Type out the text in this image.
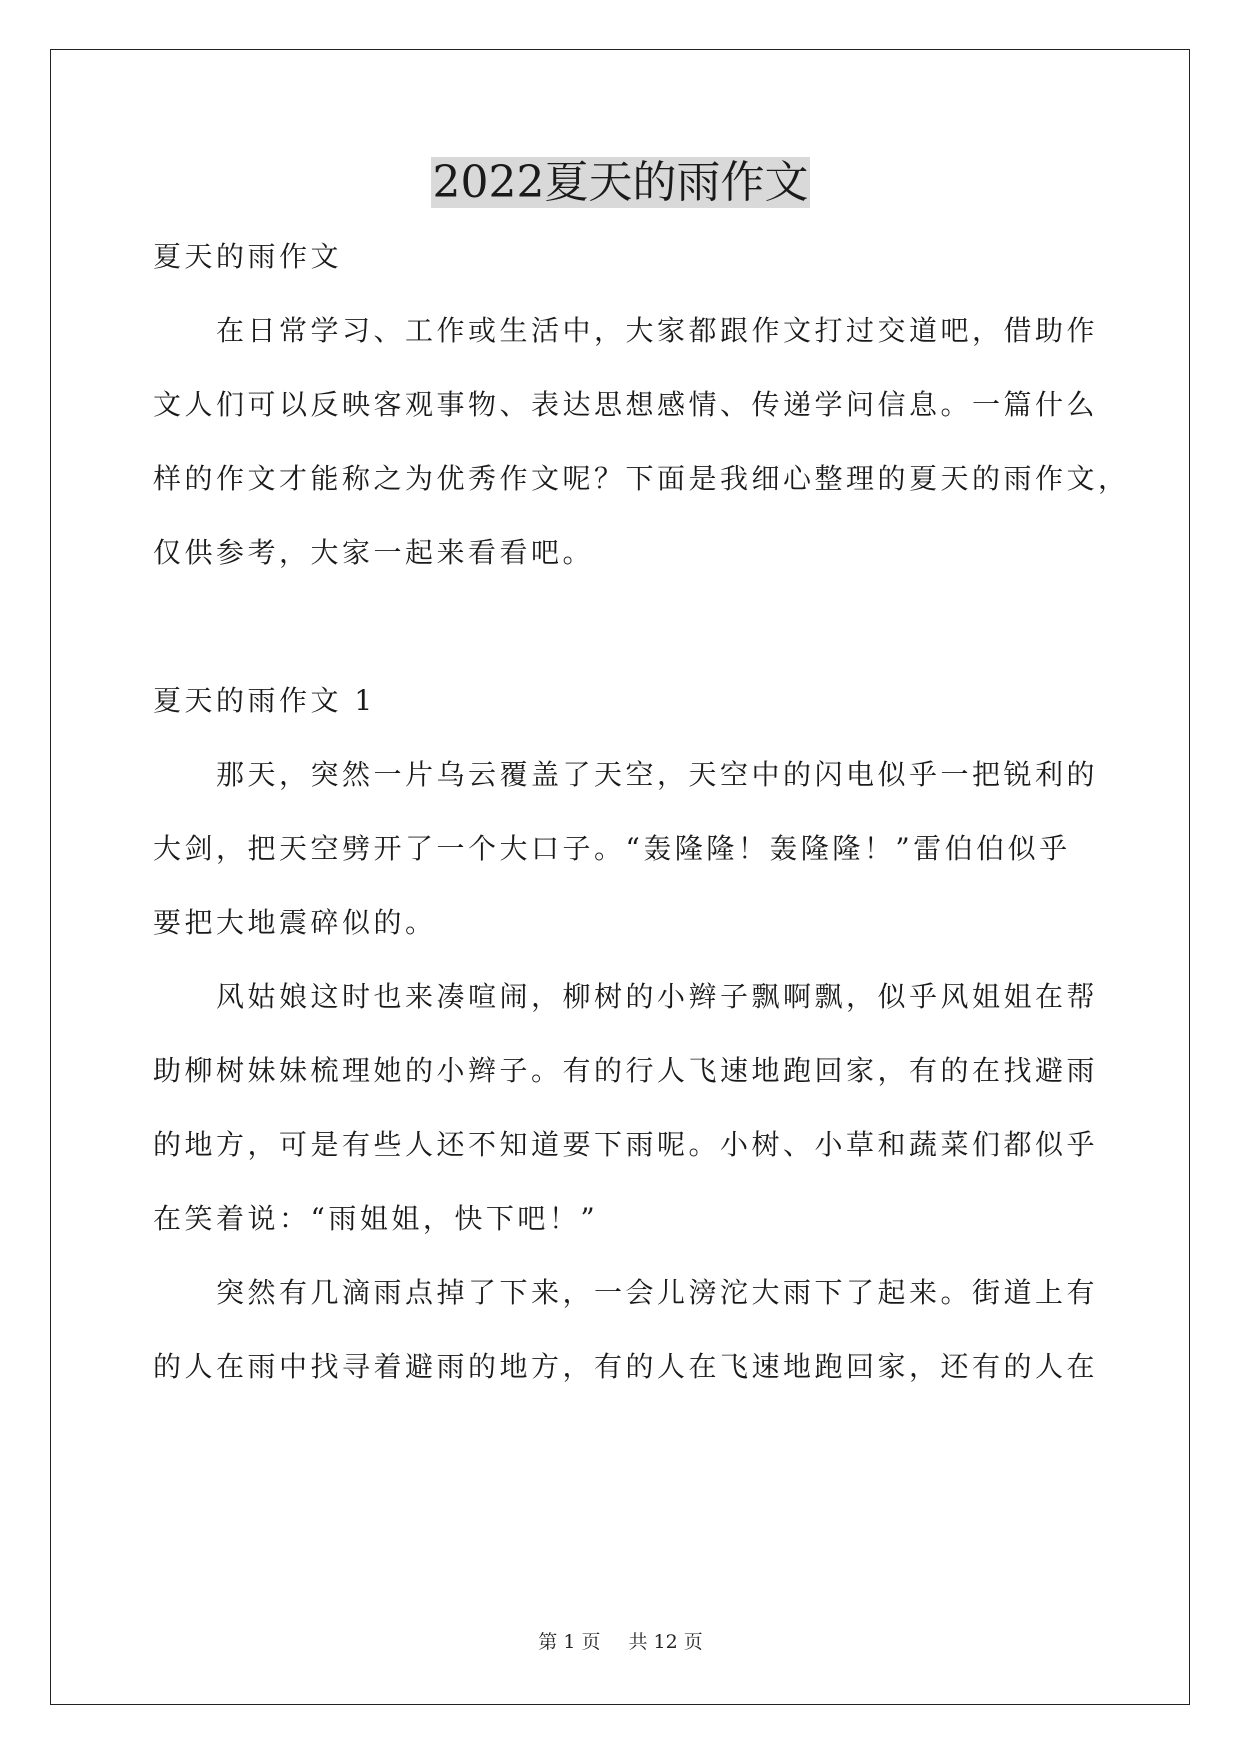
2022夏天的雨作文
夏天的雨作文
　　在日常学习、工作或生活中，大家都跟作文打过交道吧，借助作
文人们可以反映客观事物、表达思想感情、传递学问信息。一篇什么
样的作文才能称之为优秀作文呢？下面是我细心整理的夏天的雨作文，
仅供参考，大家一起来看看吧。
夏天的雨作文 1
　　那天，突然一片乌云覆盖了天空，天空中的闪电似乎一把锐利的
大剑，把天空劈开了一个大口子。“轰隆隆！轰隆隆！”雷伯伯似乎
要把大地震碎似的。
　　风姑娘这时也来凑喧闹，柳树的小辫子飘啊飘，似乎风姐姐在帮
助柳树妹妹梳理她的小辫子。有的行人飞速地跑回家，有的在找避雨
的地方，可是有些人还不知道要下雨呢。小树、小草和蔬菜们都似乎
在笑着说：“雨姐姐，快下吧！”
　　突然有几滴雨点掉了下来，一会儿滂沱大雨下了起来。街道上有
的人在雨中找寻着避雨的地方，有的人在飞速地跑回家，还有的人在
第 1 页 共 12 页
